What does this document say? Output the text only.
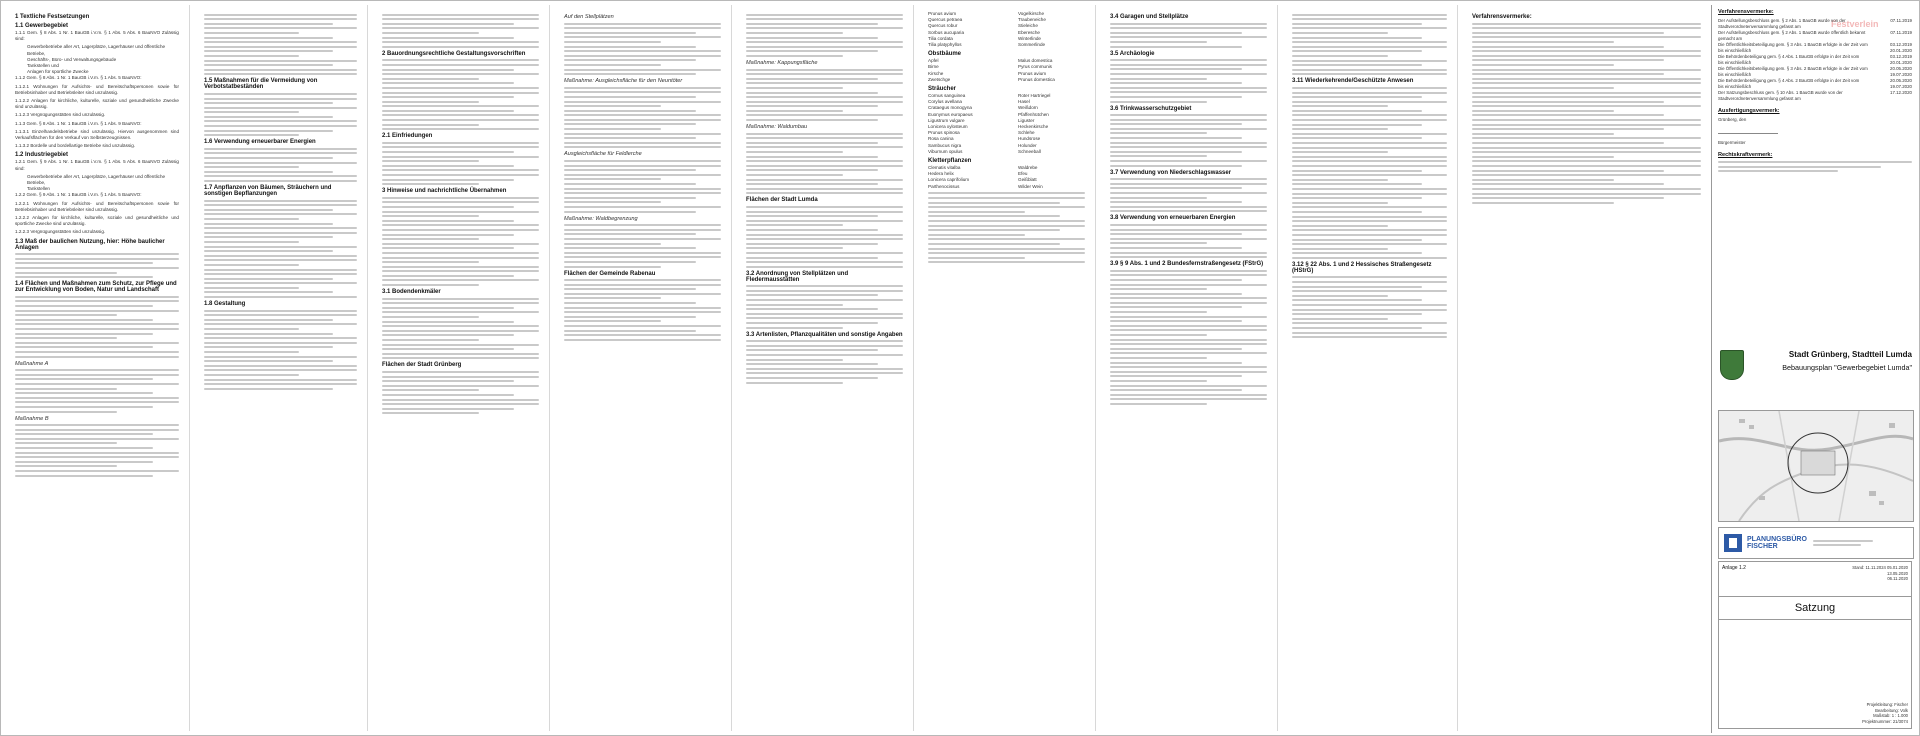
1 Textliche Festsetzungen
1.1 Gewerbegebiet
1.1.1 Gem. § 8 Abs. 1 Nr. 1 BauGB i.V.m. § 1 Abs. 5 Abs. 6 BauNVO Zulässig sind:
Gewerbebetriebe aller Art, Lagerplätze, Lagerhäuser und öffentliche Betriebe,
Geschäfts-, Büro- und Verwaltungsgebäude
Tankstellen und
Anlagen für sportliche Zwecke
1.1.2 Gem. § 8 Abs. 1 Nr. 1 BauGB i.V.m. § 1 Abs. 5 BauNVO:
1.1.2.1 Wohnungen für Aufsichts- und Bereitschaftspersonen sowie für Betriebsinhaber und Betriebsleiter sind unzulässig.
1.1.2.2 Anlagen für kirchliche, kulturelle, soziale und gesundheitliche Zwecke sind unzulässig.
1.1.2.3 Vergnügungsstätten sind unzulässig.
1.1.3 Gem. § 8 Abs. 1 Nr. 1 BauGB i.V.m. § 1 Abs. 9 BauNVO:
1.1.3.1 Einzelhandelsbetriebe sind unzulässig. Hiervon ausgenommen sind Verkaufsflächen für den Verkauf von Selbsterzeugnissen.
1.1.3.2 Bordelle und bordellartige Betriebe sind unzulässig.
1.2 Industriegebiet
1.2.1 Gem. § 9 Abs. 1 Nr. 1 BauGB i.V.m. § 1 Abs. 5 Abs. 6 BauNVO Zulässig sind:
Gewerbebetriebe aller Art, Lagerplätze, Lagerhäuser und öffentliche Betriebe,
Tankstellen
1.2.2 Gem. § 9 Abs. 1 Nr. 1 BauGB i.V.m. § 1 Abs. 5 BauNVO:
1.2.2.1 Wohnungen für Aufsichts- und Bereitschaftspersonen sowie für Betriebsinhaber und Betriebsleiter sind unzulässig.
1.2.2.2 Anlagen für kirchliche, kulturelle, soziale und gesundheitliche und sportliche Zwecke sind unzulässig.
1.2.2.3 Vergnügungsstätten sind unzulässig.
1.3 Maß der baulichen Nutzung, hier: Höhe baulicher Anlagen
1.4 Flächen und Maßnahmen zum Schutz, zur Pflege und zur Entwicklung von Boden, Natur und Landschaft
Maßnahme A
Maßnahme B
1.5 Maßnahmen für die Vermeidung von Verbotstatbeständen
1.6 Verwendung erneuerbarer Energien
1.7 Anpflanzen von Bäumen, Sträuchern und sonstigen Bepflanzungen
1.8 Gestaltung
2 Bauordnungsrechtliche Gestaltungsvorschriften
2.1 Einfriedungen
3 Hinweise und nachrichtliche Übernahmen
3.1 Bodendenkmäler
Flächen der Stadt Grünberg
Auf den Stellplätzen
Maßnahme: Ausgleichsfläche für den Neuntöter
Ausgleichsfläche für Feldlerche
Maßnahme: Waldbegrenzung
Flächen der Gemeinde Rabenau
Maßnahme: Kappungsfläche
Maßnahme: Waldumbau
Flächen der Stadt Lumda
3.2 Anordnung von Stellplätzen und Fledermausstätten
3.3 Artenlisten, Pflanzqualitäten und sonstige Angaben
Prunus avium	Vogelkirsche
Quercus petraea	Traubeneiche
Quercus robur	Stieleiche
Sorbus aucuparia	Eberesche
Tilia cordata	Winterlinde
Tilia platyphyllos	Sommerlinde
Obstbäume
Apfel	Malus domestica
Birne	Pyrus communis
Kirsche	Prunus avium
Zwetschge	Prunus domestica
Sträucher
Cornus sanguinea	Roter Hartriegel
Corylus avellana	Hasel
Crataegus monogyna	Weißdorn
Euonymus europaeus	Pfaffenhütchen
Ligustrum vulgare	Liguster
Lonicera xylosteum	Heckenkirsche
Prunus spinosa	Schlehe
Rosa canina	Hundsrose
Sambucus nigra	Holunder
Viburnum opulus	Schneeball
Kletterpflanzen
Clematis vitalba	Waldrebe
Hedera helix	Efeu
Lonicera caprifolium	Geißblatt
Parthenocissus	Wilder Wein
3.4 Garagen und Stellplätze
3.5 Archäologie
3.6 Trinkwasserschutzgebiet
3.7 Verwendung von Niederschlagswasser
3.8 Verwendung von erneuerbaren Energien
3.9 § 9 Abs. 1 und 2 Bundesfernstraßengesetz (FStrG)
3.11 Wiederkehrende/Geschützte Anwesen
3.12 § 22 Abs. 1 und 2 Hessisches Straßengesetz (HStrG)
Verfahrensvermerke:
Festverlein
Verfahrensvermerke:
Der Aufstellungsbeschluss gem. § 2 Abs. 1 BauGB wurde von der Stadtverordnetenversammlung gefasst am
07.11.2019
Der Aufstellungsbeschluss gem. § 2 Abs. 1 BauGB wurde öffentlich bekannt gemacht am
07.11.2019
Die Öffentlichkeitsbeteiligung gem. § 3 Abs. 1 BauGB erfolgte in der Zeit vom	03.12.2019
bis einschließlich	20.01.2020
Die Behördenbeteiligung gem. § 4 Abs. 1 BauGB erfolgte in der Zeit vom	03.12.2019
bis einschließlich	20.01.2020
Die Öffentlichkeitsbeteiligung gem. § 3 Abs. 2 BauGB erfolgte in der Zeit vom	20.05.2020
bis einschließlich	19.07.2020
Die Behördenbeteiligung gem. § 4 Abs. 2 BauGB erfolgte in der Zeit vom	20.05.2020
bis einschließlich	19.07.2020
Der Satzungsbeschluss gem. § 10 Abs. 1 BauGB wurde von der Stadtverordnetenversammlung gefasst am
17.12.2020
Ausfertigungsvermerk:
Grünberg, den
Bürgermeister
Rechtskraftvermerk:
Stadt Grünberg, Stadtteil Lumda
Bebauungsplan "Gewerbegebiet Lumda"
PLANUNGSBÜRO
FISCHER
Anlage 1.2	Stand: 11.11.2024 05.01.2020
13.05.2020
06.11.2020
Satzung
Projektleitung: Fischer
Bearbeitung: Volk
Maßstab: 1 : 1.000
Projektnummer: 21/3074
